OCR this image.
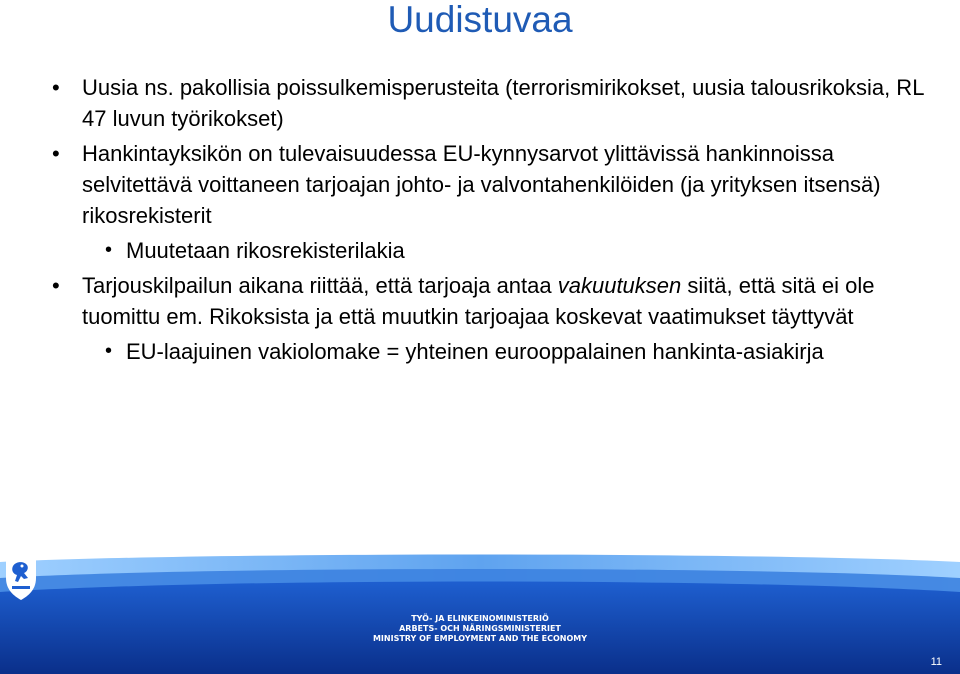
Uudistuvaa
• Uusia ns. pakollisia poissulkemisperusteita (terrorismirikokset, uusia talousrikoksia, RL 47 luvun työrikokset)
• Hankintayksikön on tulevaisuudessa EU-kynnysarvot ylittävissä hankinnoissa selvitettävä voittaneen tarjoajan johto- ja valvontahenkilöiden (ja yrityksen itsensä) rikosrekisterit
• Muutetaan rikosrekisterilakia
• Tarjouskilpailun aikana riittää, että tarjoaja antaa vakuutuksen siitä, että sitä ei ole tuomittu em. Rikoksista ja että muutkin tarjoajaa koskevat vaatimukset täyttyvät
• EU-laajuinen vakiolomake = yhteinen eurooppalainen hankinta-asiakirja
TYÖ- JA ELINKEINOMINISTERIÖ
ARBETS- OCH NÄRINGSMINISTERIET
MINISTRY OF EMPLOYMENT AND THE ECONOMY
11
